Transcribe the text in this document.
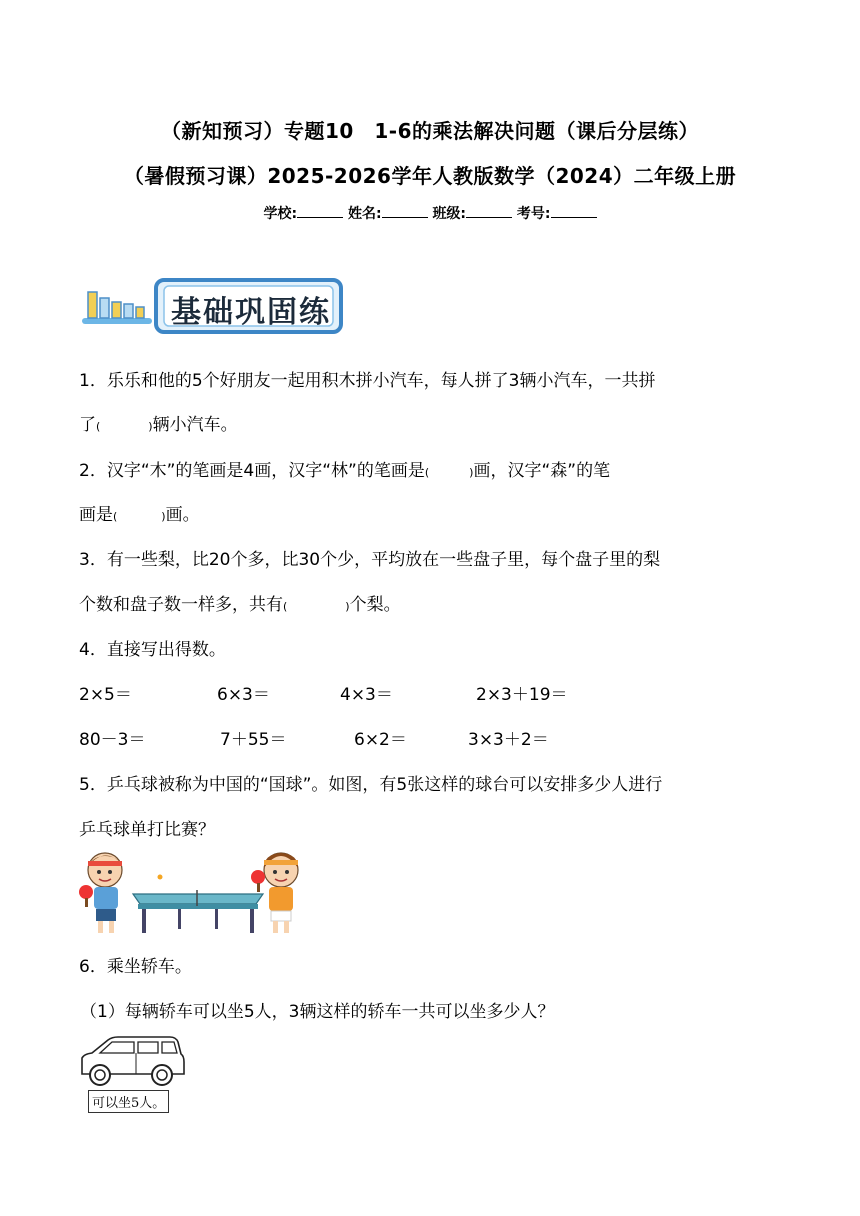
（新知预习）专题10　1-6的乘法解决问题（课后分层练）
（暑假预习课）2025-2026学年人教版数学（2024）二年级上册
学校:	姓名:	班级:	考号:
基础巩固练
1．乐乐和他的5个好朋友一起用积木拼小汽车，每人拼了3辆小汽车，一共拼
了(	)辆小汽车。
2．汉字“木”的笔画是4画，汉字“林”的笔画是(	)画，汉字“森”的笔
画是(	)画。
3．有一些梨，比20个多，比30个少，平均放在一些盘子里，每个盘子里的梨
个数和盘子数一样多，共有(	)个梨。
4．直接写出得数。
2×5＝	6×3＝	4×3＝	2×3＋19＝
80－3＝	7＋55＝	6×2＝	3×3＋2＝
5．乒乓球被称为中国的“国球”。如图，有5张这样的球台可以安排多少人进行
乒乓球单打比赛？
6．乘坐轿车。
（1）每辆轿车可以坐5人，3辆这样的轿车一共可以坐多少人？
可以坐5人。
